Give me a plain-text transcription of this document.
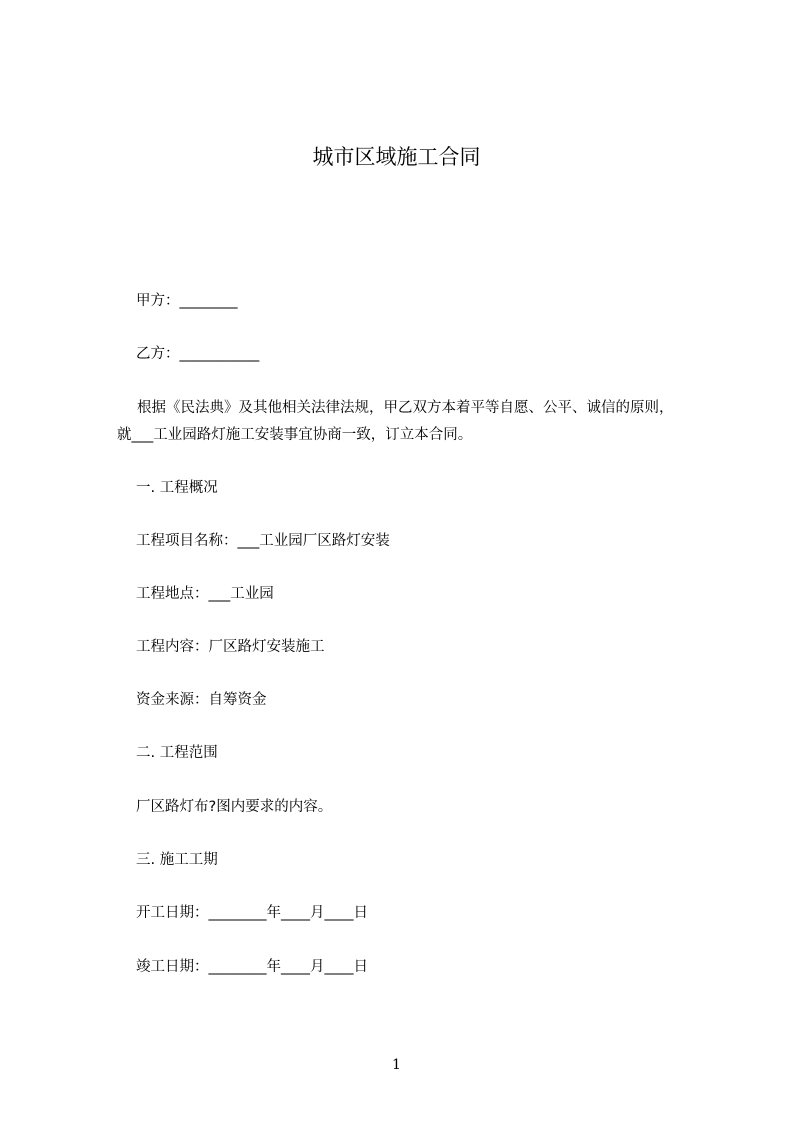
城市区域施工合同
甲方：________
乙方：___________
根据《民法典》及其他相关法律法规，甲乙双方本着平等自愿、公平、诚信的原则，就___工业园路灯施工安装事宜协商一致，订立本合同。
一. 工程概况
工程项目名称：___工业园厂区路灯安装
工程地点：___工业园
工程内容：厂区路灯安装施工
资金来源：自筹资金
二. 工程范围
厂区路灯布?图内要求的内容。
三. 施工工期
开工日期：________年____月____日
竣工日期：________年____月____日
1
